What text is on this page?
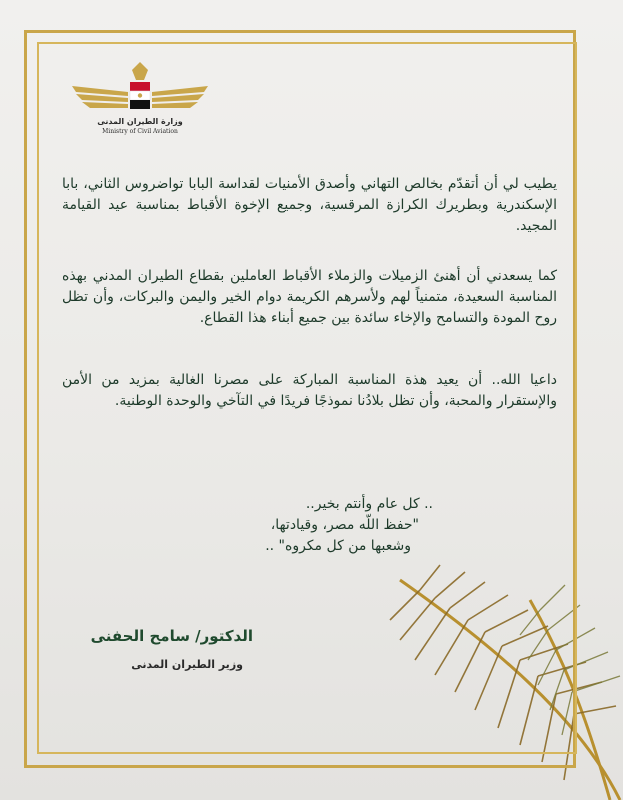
وزارة الطيران المدنى
Ministry of Civil Aviation
يطيب لي أن أتقدّم بخالص التهاني وأصدق الأمنيات لقداسة البابا تواضروس الثاني، بابا الإسكندرية وبطريرك الكرازة المرقسية، وجميع الإخوة الأقباط بمناسبة عيد القيامة المجيد.
كما يسعدني أن أهنئ الزميلات والزملاء الأقباط العاملين بقطاع الطيران المدني بهذه المناسبة السعيدة، متمنياً لهم ولأسرهم الكريمة دوام الخير واليمن والبركات، وأن تظل روح المودة والتسامح والإخاء سائدة بين جميع أبناء هذا القطاع.
داعيا الله.. أن يعيد هذة المناسبة المباركة على مصرنا الغالية بمزيد من الأمن والإستقرار والمحبة، وأن تظل بلادُنا نموذجًا فريدًا في التآخي والوحدة الوطنية.
.. كل عام وأنتم بخير..
"حفظ اللّه مصر، وقيادتها،
وشعبها من كل مكروه" ..
الدكتور/ سامح الحفنى
وزير الطيران المدنى
